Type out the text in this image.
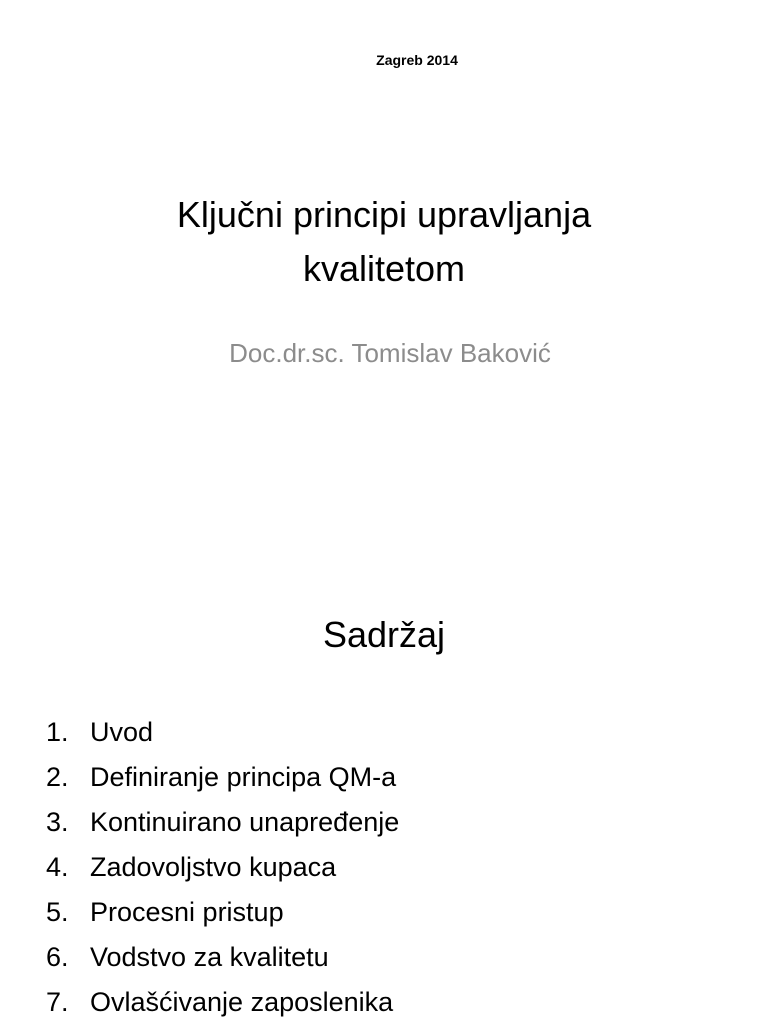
Zagreb 2014
Ključni principi upravljanja
kvalitetom
Doc.dr.sc. Tomislav Baković
Sadržaj
1. Uvod
2. Definiranje principa QM-a
3. Kontinuirano unapređenje
4. Zadovoljstvo kupaca
5. Procesni pristup
6. Vodstvo za kvalitetu
7. Ovlašćivanje zaposlenika
